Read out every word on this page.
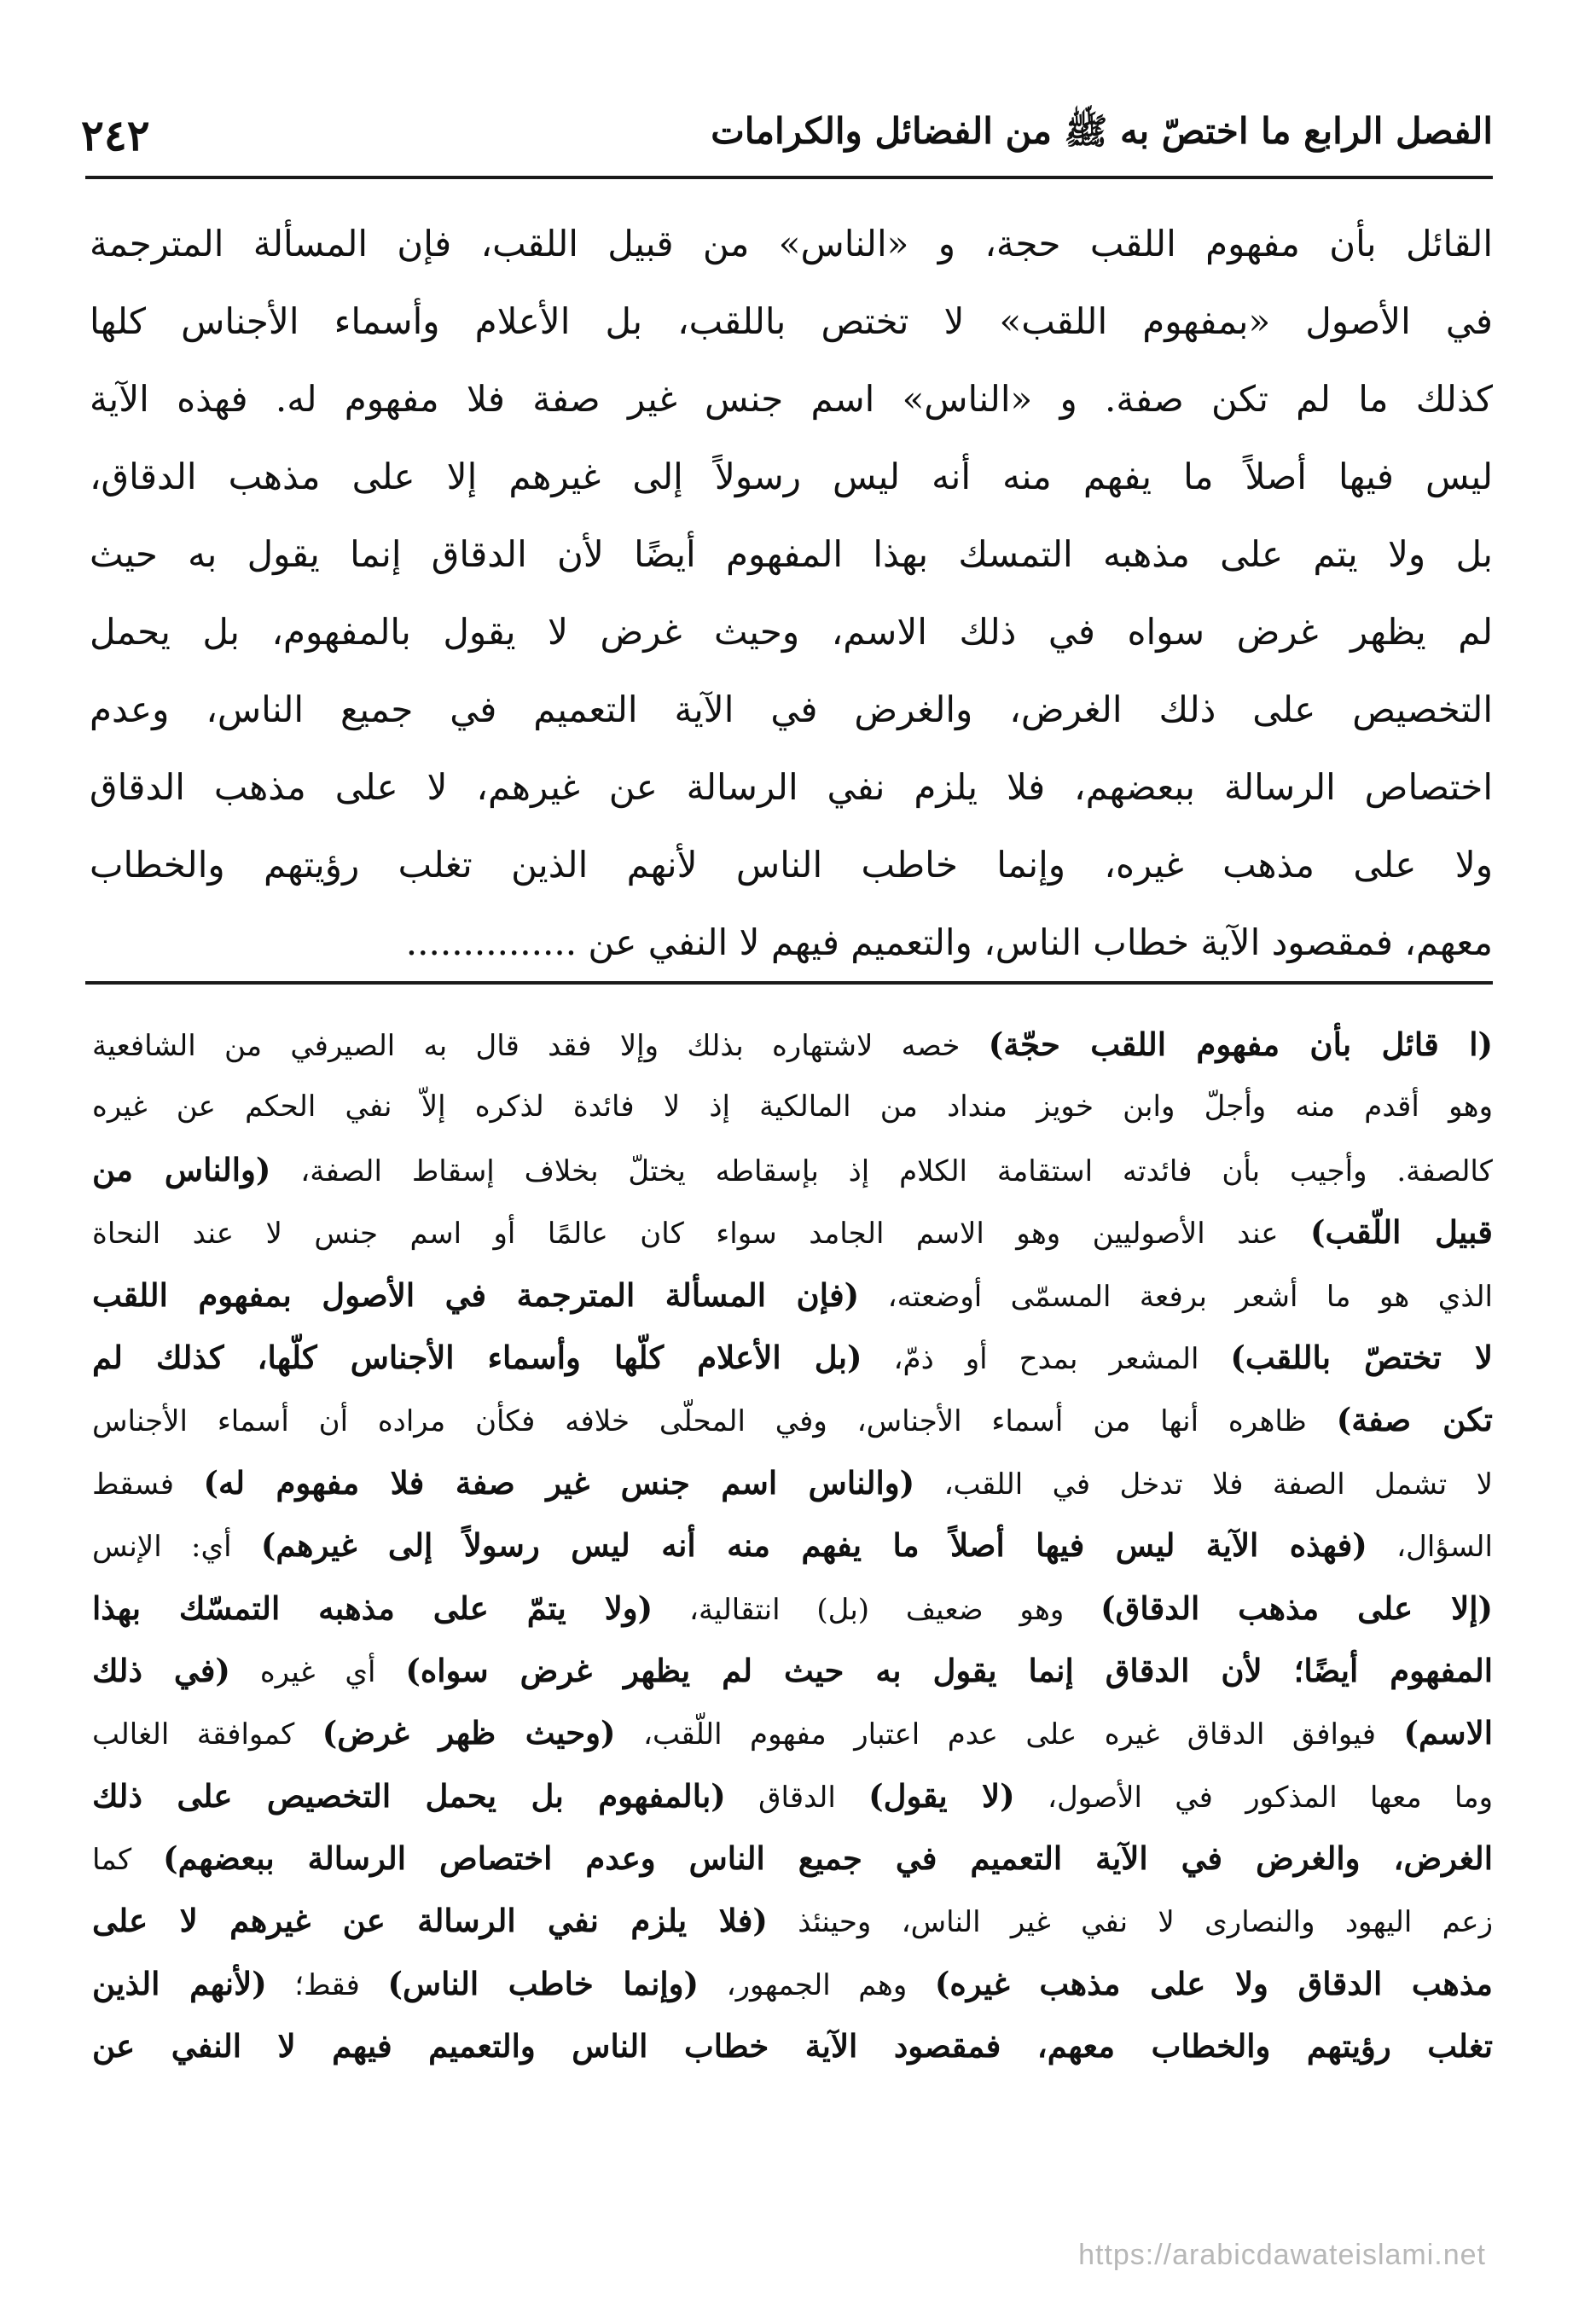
٢٤٢	الفصل الرابع ما اختصّ به ﷺ من الفضائل والكرامات
القائل بأن مفهوم اللقب حجة، و «الناس» من قبيل اللقب، فإن المسألة المترجمة
في الأصول «بمفهوم اللقب» لا تختص باللقب، بل الأعلام وأسماء الأجناس كلها
كذلك ما لم تكن صفة. و «الناس» اسم جنس غير صفة فلا مفهوم له. فهذه الآية
ليس فيها أصلاً ما يفهم منه أنه ليس رسولاً إلى غيرهم إلا على مذهب الدقاق،
بل ولا يتم على مذهبه التمسك بهذا المفهوم أيضًا لأن الدقاق إنما يقول به حيث
لم يظهر غرض سواه في ذلك الاسم، وحيث غرض لا يقول بالمفهوم، بل يحمل
التخصيص على ذلك الغرض، والغرض في الآية التعميم في جميع الناس، وعدم
اختصاص الرسالة ببعضهم، فلا يلزم نفي الرسالة عن غيرهم، لا على مذهب الدقاق
ولا على مذهب غيره، وإنما خاطب الناس لأنهم الذين تغلب رؤيتهم والخطاب
معهم، فمقصود الآية خطاب الناس، والتعميم فيهم لا النفي عن ...............
(ا قائل بأن مفهوم اللقب حجّة) خصه لاشتهاره بذلك وإلا فقد قال به الصيرفي من الشافعية
وهو أقدم منه وأجلّ وابن خويز منداد من المالكية إذ لا فائدة لذكره إلاّ نفي الحكم عن غيره
كالصفة. وأجيب بأن فائدته استقامة الكلام إذ بإسقاطه يختلّ بخلاف إسقاط الصفة، (والناس من
قبيل اللّقب) عند الأصوليين وهو الاسم الجامد سواء كان عالمًا أو اسم جنس لا عند النحاة
الذي هو ما أشعر برفعة المسمّى أوضعته، (فإن المسألة المترجمة في الأصول بمفهوم اللقب
لا تختصّ باللقب) المشعر بمدح أو ذمّ، (بل الأعلام كلّها وأسماء الأجناس كلّها، كذلك لم
تكن صفة) ظاهره أنها من أسماء الأجناس، وفي المحلّى خلافه فكأن مراده أن أسماء الأجناس
لا تشمل الصفة فلا تدخل في اللقب، (والناس اسم جنس غير صفة فلا مفهوم له) فسقط
السؤال، (فهذه الآية ليس فيها أصلاً ما يفهم منه أنه ليس رسولاً إلى غيرهم) أي: الإنس
(إلا على مذهب الدقاق) وهو ضعيف (بل) انتقالية، (ولا يتمّ على مذهبه التمسّك بهذا
المفهوم أيضًا؛ لأن الدقاق إنما يقول به حيث لم يظهر غرض سواه) أي غيره (في ذلك
الاسم) فيوافق الدقاق غيره على عدم اعتبار مفهوم اللّقب، (وحيث ظهر غرض) كموافقة الغالب
وما معها المذكور في الأصول، (لا يقول) الدقاق (بالمفهوم بل يحمل التخصيص على ذلك
الغرض، والغرض في الآية التعميم في جميع الناس وعدم اختصاص الرسالة ببعضهم) كما
زعم اليهود والنصارى لا نفي غير الناس، وحينئذ (فلا يلزم نفي الرسالة عن غيرهم لا على
مذهب الدقاق ولا على مذهب غيره) وهم الجمهور، (وإنما خاطب الناس) فقط؛ (لأنهم الذين
تغلب رؤيتهم والخطاب معهم، فمقصود الآية خطاب الناس والتعميم فيهم لا النفي عن
https://arabicdawateislami.net
